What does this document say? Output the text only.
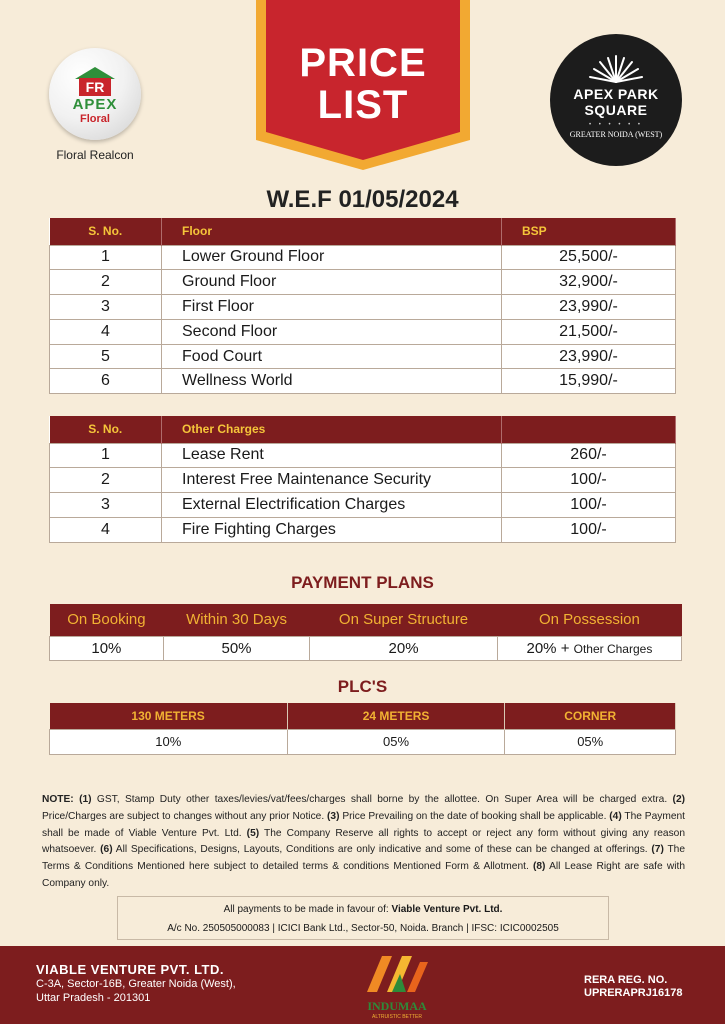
FR
APEX
Floral
Floral Realcon
PRICE
LIST	APEX PARK
SQUARE
• • • • • •
GREATER NOIDA (WEST)
W.E.F 01/05/2024
S. No.	Floor	BSP
1	Lower Ground Floor	25,500/-
2	Ground Floor	32,900/-
3	First Floor	23,990/-
4	Second Floor	21,500/-
5	Food Court	23,990/-
6	Wellness World	15,990/-
S. No.	Other Charges	
1	Lease Rent	260/-
2	Interest Free Maintenance Security	100/-
3	External Electrification Charges	100/-
4	Fire Fighting Charges	100/-
PAYMENT PLANS
On Booking	Within 30 Days	On Super Structure	On Possession
10%	50%	20%	20% + Other Charges
PLC'S
130 METERS	24 METERS	CORNER
10%	05%	05%
NOTE: (1) GST, Stamp Duty other taxes/levies/vat/fees/charges shall borne by the allottee. On Super Area will be charged extra. (2) Price/Charges are subject to changes without any prior Notice. (3) Price Prevailing on the date of booking shall be applicable. (4) The Payment shall be made of Viable Venture Pvt. Ltd. (5) The Company Reserve all rights to accept or reject any form without giving any reason whatsoever. (6) All Specifications, Designs, Layouts, Conditions are only indicative and some of these can be changed at offerings. (7) The Terms & Conditions Mentioned here subject to detailed terms & conditions Mentioned Form & Allotment. (8) All Lease Right are safe with Company only.
All payments to be made in favour of: Viable Venture Pvt. Ltd.
A/c No. 250505000083 | ICICI Bank Ltd., Sector-50, Noida. Branch | IFSC: ICIC0002505
VIABLE VENTURE PVT. LTD.
C-3A, Sector-16B, Greater Noida (West),
Uttar Pradesh - 201301
INDUMAA
ALTRUISTIC BETTER
RERA REG. NO.
UPRERAPRJ16178
